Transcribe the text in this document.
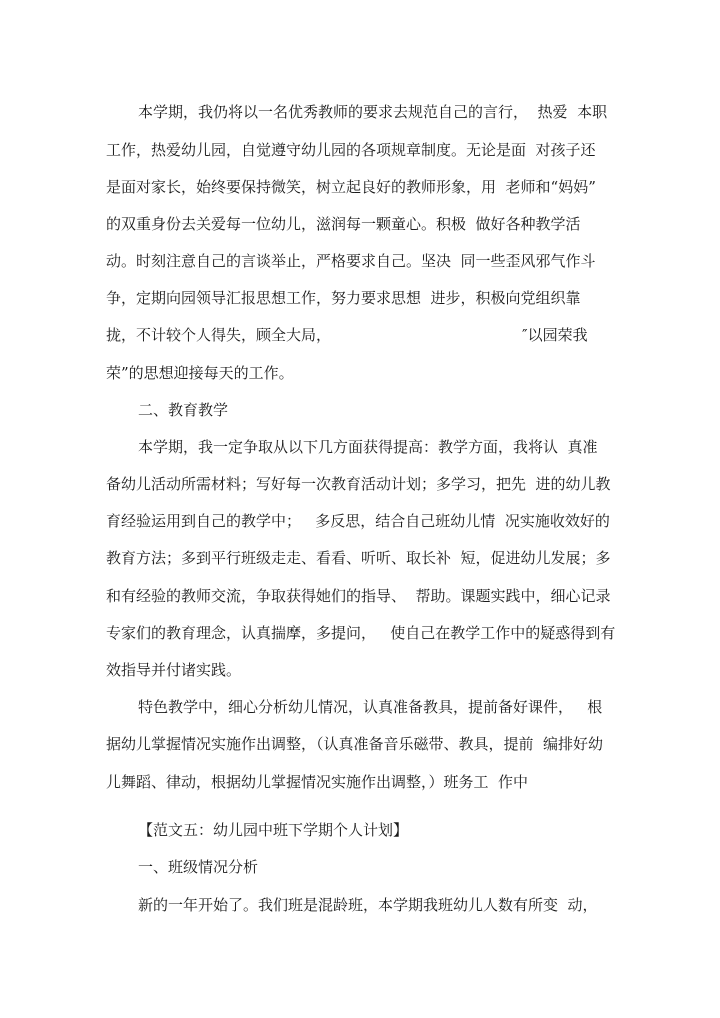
本学期，我仍将以一名优秀教师的要求去规范自己的言行，  热爱  本职
工作，热爱幼儿园，自觉遵守幼儿园的各项规章制度。无论是面  对孩子还
是面对家长，始终要保持微笑，树立起良好的教师形象，用  老师和“妈妈”
的双重身份去关爱每一位幼儿，滋润每一颗童心。积极  做好各种教学活
动。时刻注意自己的言谈举止，严格要求自己。坚决  同一些歪风邪气作斗
争，定期向园领导汇报思想工作，努力要求思想  进步，积极向党组织靠
拢，不计较个人得失，顾全大局，	″以园荣我
荣”的思想迎接每天的工作。
二、教育教学
本学期，我一定争取从以下几方面获得提高：教学方面，我将认  真准
备幼儿活动所需材料；写好每一次教育活动计划；多学习，把先  进的幼儿教
育经验运用到自己的教学中；   多反思，结合自己班幼儿情  况实施收效好的
教育方法；多到平行班级走走、看看、听听、取长补  短，促进幼儿发展；多
和有经验的教师交流，争取获得她们的指导、  帮助。课题实践中，细心记录
专家们的教育理念，认真揣摩，多提问，   使自己在教学工作中的疑惑得到有
效指导并付诸实践。
特色教学中，细心分析幼儿情况，认真准备教具，提前备好课件，   根
据幼儿掌握情况实施作出调整，（认真准备音乐磁带、教具，提前  编排好幼
儿舞蹈、律动，根据幼儿掌握情况实施作出调整，）班务工  作中
【范文五：幼儿园中班下学期个人计划】
一、班级情况分析
新的一年开始了。我们班是混龄班，本学期我班幼儿人数有所变  动，
